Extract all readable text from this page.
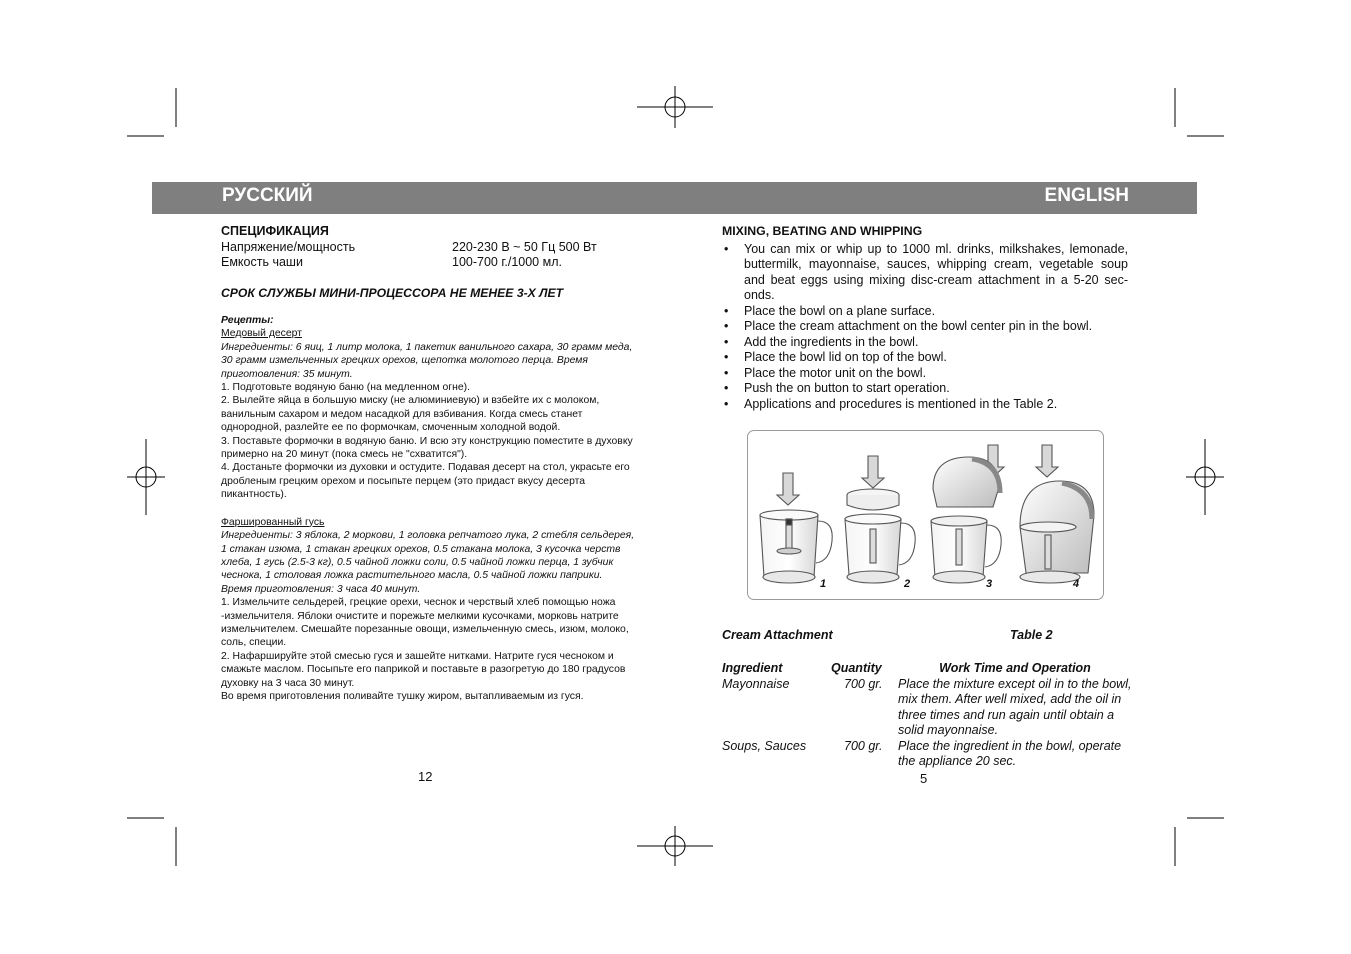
РУССКИЙ	ENGLISH
СПЕЦИФИКАЦИЯ
Напряжение/мощность	220-230 В ~ 50 Гц 500 Вт
Емкость чаши	100-700 г./1000 мл.
СРОК СЛУЖБЫ МИНИ-ПРОЦЕССОРА НЕ МЕНЕЕ 3-Х ЛЕТ
Рецепты:
Медовый десерт
Ингредиенты: 6 яиц, 1 литр молока, 1 пакетик ванильного сахара, 30 грамм меда, 30 грамм измельченных грецких орехов, щепотка молотого перца. Время приготовления: 35 минут.
1. Подготовьте водяную баню (на медленном огне).
2. Вылейте яйца в большую миску (не алюминиевую) и взбейте их с молоком, ванильным сахаром и медом насадкой для взбивания. Когда смесь станет однородной, разлейте ее по формочкам, смоченным холодной водой.
3. Поставьте формочки в водяную баню. И всю эту конструкцию поместите в духовку примерно на 20 минут (пока смесь не "схватится").
4. Достаньте формочки из духовки и остудите. Подавая десерт на стол, украсьте его дробленым грецким орехом и посыпьте перцем (это придаст вкусу десерта пикантность).
Фаршированный гусь
Ингредиенты: 3 яблока, 2 моркови, 1 головка репчатого лука, 2 стебля сельдерея, 1 стакан изюма, 1 стакан грецких орехов, 0.5 стакана молока, 3 кусочка черств хлеба, 1 гусь (2.5-3 кг), 0.5 чайной ложки соли, 0.5 чайной ложки перца, 1 зубчик чеснока, 1 столовая ложка растительного масла, 0.5 чайной ложки паприки. Время приготовления: 3 часа 40 минут.
1. Измельчите сельдерей, грецкие орехи, чеснок и черствый хлеб помощью ножа -измельчителя. Яблоки очистите и порежьте мелкими кусочками, морковь натрите измельчителем. Смешайте порезанные овощи, измельченную смесь, изюм, молоко, соль, специи.
2. Нафаршируйте этой смесью гуся и зашейте нитками. Натрите гуся чесноком и смажьте маслом. Посыпьте его паприкой и поставьте в разогретую до 180 градусов духовку на 3 часа 30 минут.
Во время приготовления поливайте тушку жиром, вытапливаемым из гуся.
12
MIXING, BEATING AND WHIPPING
• You can mix or whip up to 1000 ml. drinks, milkshakes, lemonade, buttermilk, mayonnaise, sauces, whipping cream, vegetable soup and beat eggs using mixing disc-cream attachment in a 5-20 sec-onds.
• Place the bowl on a plane surface.
• Place the cream attachment on the bowl center pin in the bowl.
• Add the ingredients in the bowl.
• Place the bowl lid on top of the bowl.
• Place the motor unit on the bowl.
• Push the on button to start operation.
• Applications and procedures is mentioned in the Table 2.
1	2	3	4
Cream Attachment	Table 2
Ingredient	Quantity	Work Time and Operation
Mayonnaise	700 gr.	Place the mixture except oil in to the bowl, mix them. After well mixed, add the oil in three times and run again until obtain a solid mayonnaise.
Soups, Sauces	700 gr.	Place the ingredient in the bowl, operate the appliance 20 sec.
5
